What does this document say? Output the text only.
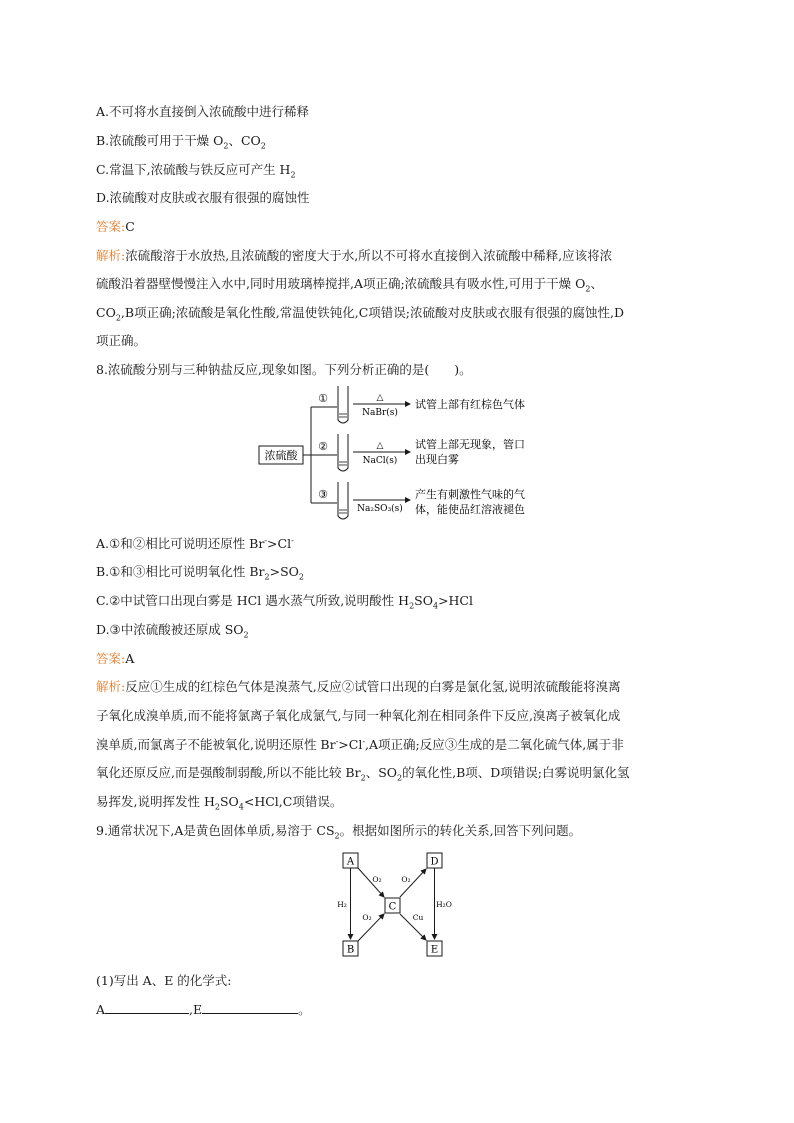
A.不可将水直接倒入浓硫酸中进行稀释
B.浓硫酸可用于干燥 $O_2$、$CO_2$
C.常温下,浓硫酸与铁反应可产生 $H_2$
D.浓硫酸对皮肤或衣服有很强的腐蚀性
答案:C
解析:浓硫酸溶于水放热,且浓硫酸的密度大于水,所以不可将水直接倒入浓硫酸中稀释,应该将浓
硫酸沿着器壁慢慢注入水中,同时用玻璃棒搅拌,A项正确;浓硫酸具有吸水性,可用于干燥 $O_2$、
$CO_2,B$项正确;浓硫酸是氧化性酸,常温使铁钝化,C项错误;浓硫酸对皮肤或衣服有很强的腐蚀性,D
项正确。
8.浓硫酸分别与三种钠盐反应,现象如图。下列分析正确的是(　　)。
浓硫酸
①	△
NaBr(s)
试管上部有红棕色气体
②	△
NaCl(s)
试管上部无现象，管口
出现白雾
③
Na₂SO₃(s)
产生有刺激性气味的气
体，能使品红溶液褪色
A.①和②相比可说明还原性 Br->Cl-
B.①和③相比可说明氧化性 $Br_2>SO_2$
C.②中试管口出现白雾是 HCl 遇水蒸气所致,说明酸性 $H_2SO_4>HCl$
D.③中浓硫酸被还原成 $SO_2$
答案:A
解析:反应①生成的红棕色气体是溴蒸气,反应②试管口出现的白雾是氯化氢,说明浓硫酸能将溴离
子氧化成溴单质,而不能将氯离子氧化成氯气,与同一种氧化剂在相同条件下反应,溴离子被氧化成
溴单质,而氯离子不能被氧化,说明还原性 Br->Cl-,A项正确;反应③生成的是二氧化硫气体,属于非
氧化还原反应,而是强酸制弱酸,所以不能比较 $Br_2$、$SO_2$的氧化性,B项、D项错误;白雾说明氯化氢
易挥发,说明挥发性 $H_2SO_4<HCl,C$项错误。
9.通常状况下,A是黄色固体单质,易溶于 $CS_2$。根据如图所示的转化关系,回答下列问题。
A	D
C
B	E
O₂	O₂
O₂
H₂	H₂O
Cu
(1)写出 A、E 的化学式:
A	,E	。
